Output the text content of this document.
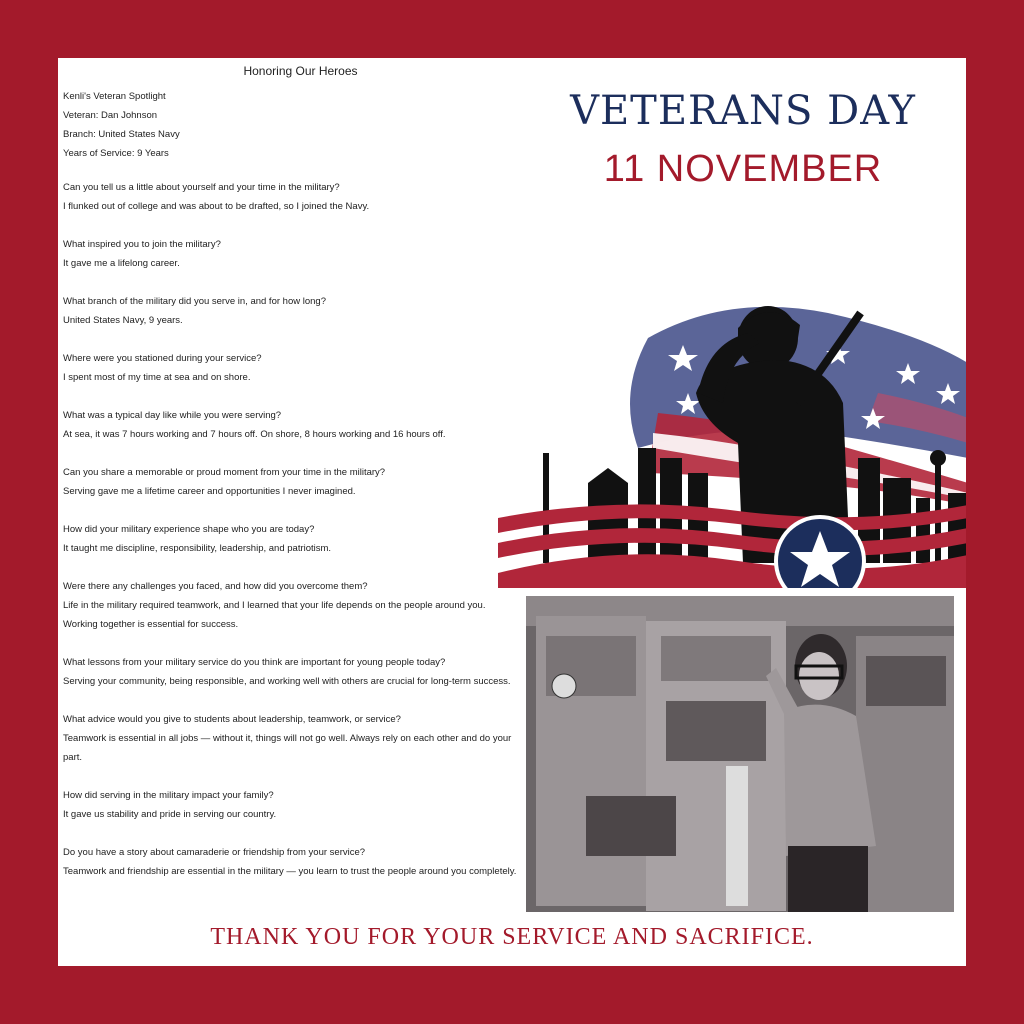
Honoring Our Heroes
Kenli's Veteran Spotlight
Veteran: Dan Johnson
Branch: United States Navy
Years of Service: 9 Years
Can you tell us a little about yourself and your time in the military?
I flunked out of college and was about to be drafted, so I joined the Navy.
What inspired you to join the military?
It gave me a lifelong career.
What branch of the military did you serve in, and for how long?
United States Navy, 9 years.
Where were you stationed during your service?
I spent most of my time at sea and on shore.
What was a typical day like while you were serving?
At sea, it was 7 hours working and 7 hours off. On shore, 8 hours working and 16 hours off.
Can you share a memorable or proud moment from your time in the military?
Serving gave me a lifetime career and opportunities I never imagined.
How did your military experience shape who you are today?
It taught me discipline, responsibility, leadership, and patriotism.
Were there any challenges you faced, and how did you overcome them?
Life in the military required teamwork, and I learned that your life depends on the people around you. Working together is essential for success.
What lessons from your military service do you think are important for young people today?
Serving your community, being responsible, and working well with others are crucial for long-term success.
What advice would you give to students about leadership, teamwork, or service?
Teamwork is essential in all jobs — without it, things will not go well. Always rely on each other and do your part.
How did serving in the military impact your family?
It gave us stability and pride in serving our country.
Do you have a story about camaraderie or friendship from your service?
Teamwork and friendship are essential in the military — you learn to trust the people around you completely.
VETERANS DAY
11 NOVEMBER
THANK YOU FOR YOUR SERVICE AND SACRIFICE.
